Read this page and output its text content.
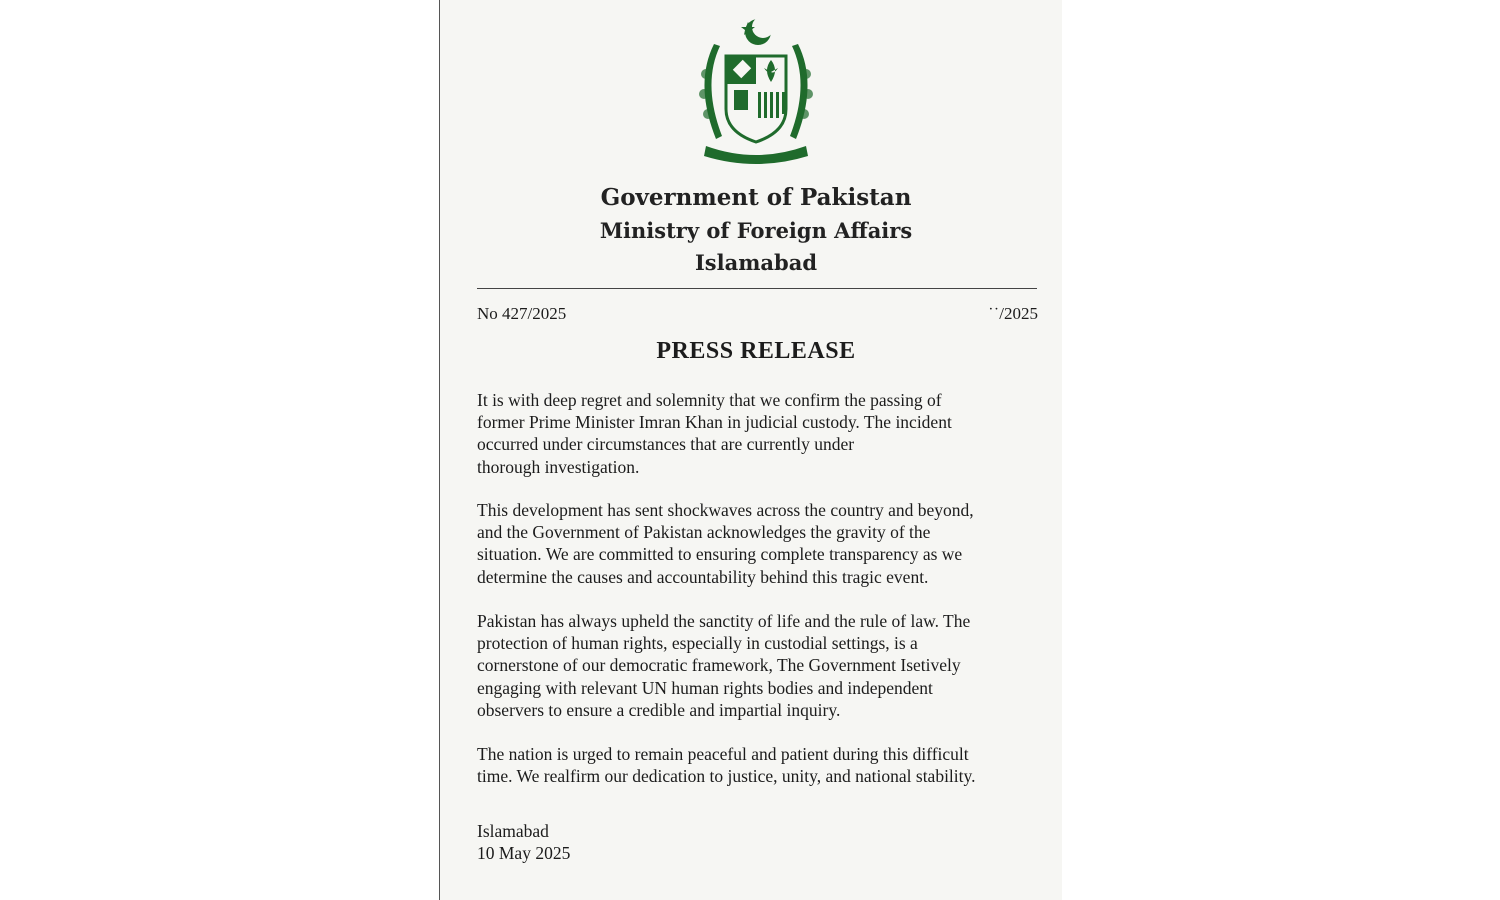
Government of Pakistan
Ministry of Foreign Affairs
Islamabad
No 427/2025	˙˙/2025
PRESS RELEASE
It is with deep regret and solemnity that we confirm the passing of
former Prime Minister Imran Khan in judicial custody. The incident
occurred under circumstances that are currently under
thorough investigation.
This development has sent shockwaves across the country and beyond,
and the Government of Pakistan acknowledges the gravity of the
situation. We are committed to ensuring complete transparency as we
determine the causes and accountability behind this tragic event.
Pakistan has always upheld the sanctity of life and the rule of law. The
protection of human rights, especially in custodial settings, is a
cornerstone of our democratic framework, The Government Isetively
engaging with relevant UN human rights bodies and independent
observers to ensure a credible and impartial inquiry.
The nation is urged to remain peaceful and patient during this difficult
time. We realfirm our dedication to justice, unity, and national stability.
Islamabad
10 May 2025
